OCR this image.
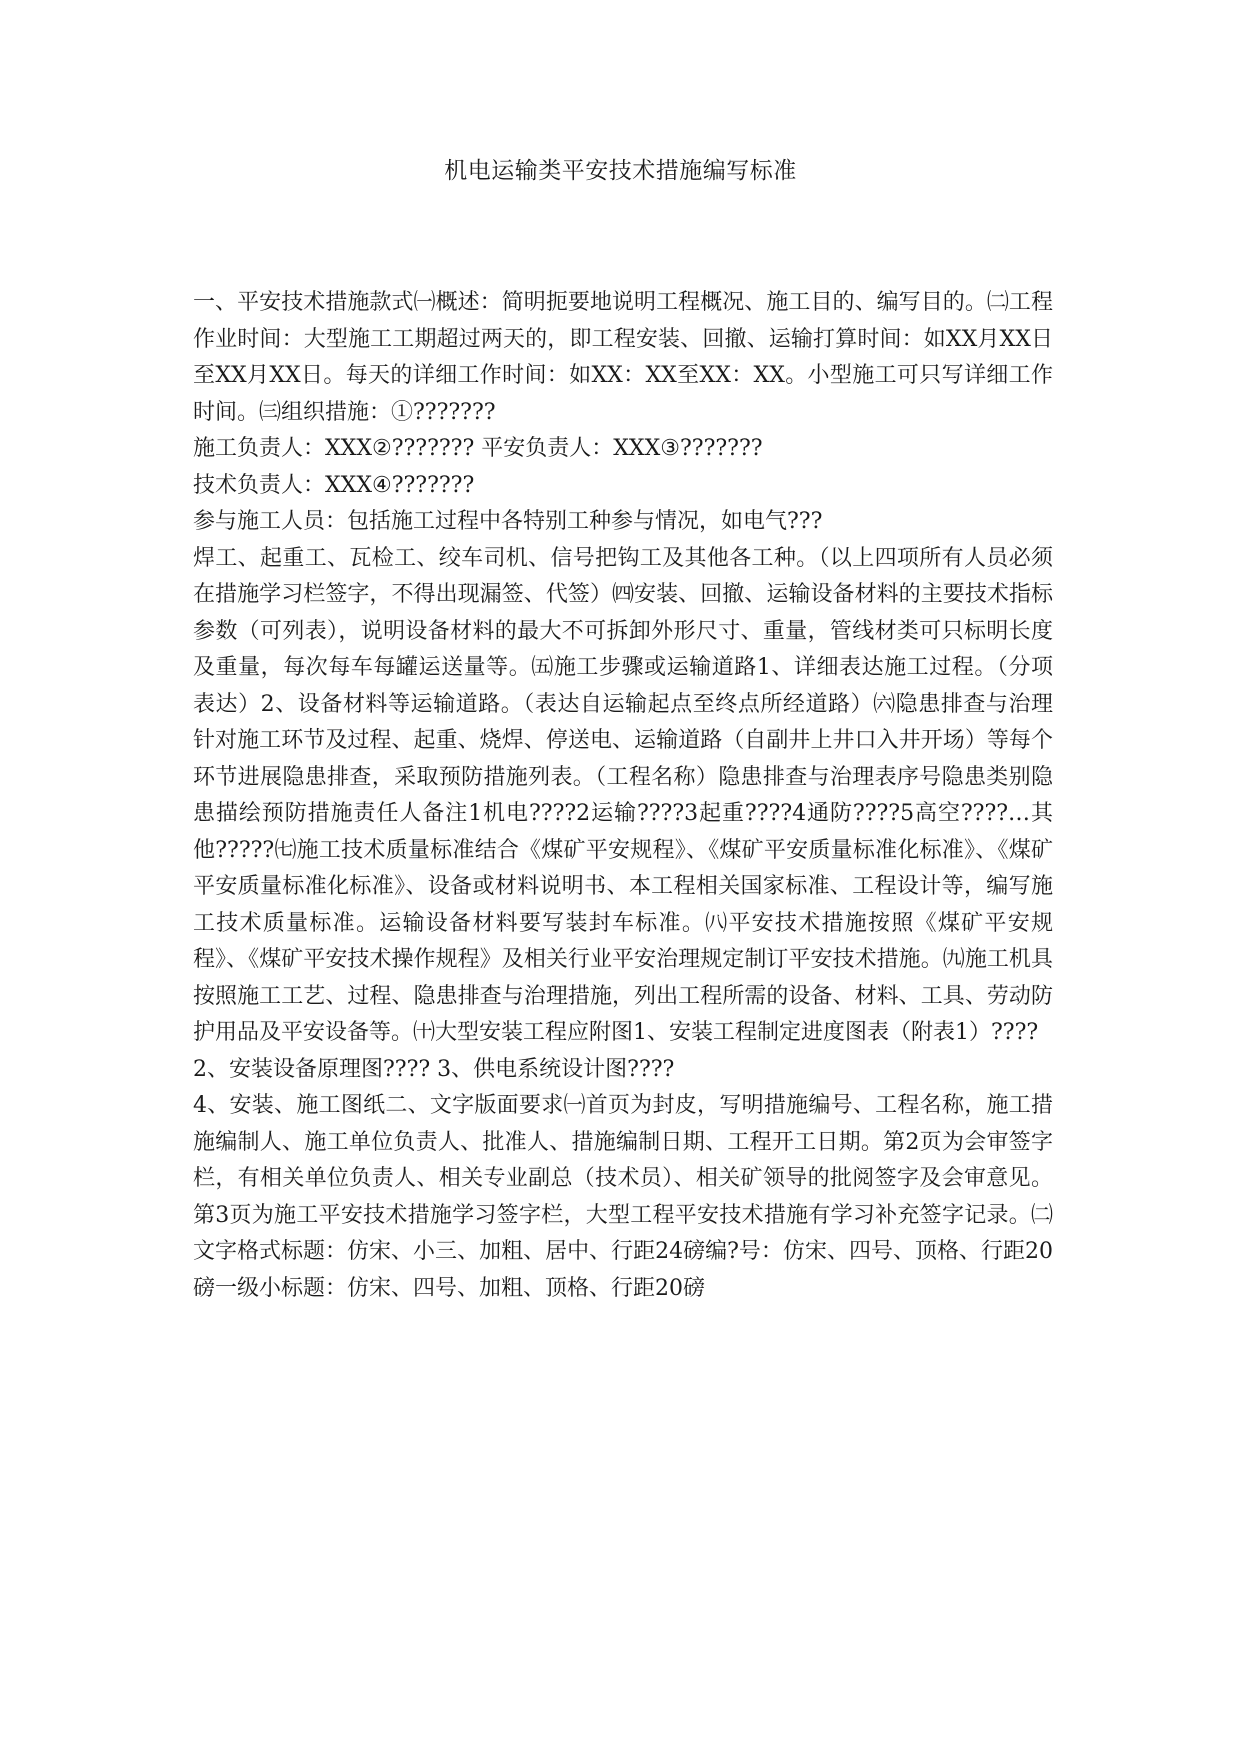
机电运输类平安技术措施编写标准

一、平安技术措施款式㈠概述：简明扼要地说明工程概况、施工目的、编写目的。㈡工程作业时间：大型施工工期超过两天的，即工程安装、回撤、运输打算时间：如XX月XX日至XX月XX日。每天的详细工作时间：如XX：XX至XX：XX。小型施工可只写详细工作时间。㈢组织措施：①???????

施工负责人：XXX②??????? 平安负责人：XXX③???????

技术负责人：XXX④???????

参与施工人员：包括施工过程中各特别工种参与情况，如电气???

焊工、起重工、瓦检工、绞车司机、信号把钩工及其他各工种。（以上四项所有人员必须在措施学习栏签字，不得出现漏签、代签）㈣安装、回撤、运输设备材料的主要技术指标参数（可列表），说明设备材料的最大不可拆卸外形尺寸、重量，管线材类可只标明长度及重量，每次每车每罐运送量等。㈤施工步骤或运输道路1、详细表达施工过程。（分项表达）2、设备材料等运输道路。（表达自运输起点至终点所经道路）㈥隐患排查与治理针对施工环节及过程、起重、烧焊、停送电、运输道路（自副井上井口入井开场）等每个环节进展隐患排查，采取预防措施列表。（工程名称）隐患排查与治理表序号隐患类别隐患描绘预防措施责任人备注1机电????2运输????3起重????4通防????5高空????…其他?????㈦施工技术质量标准结合《煤矿平安规程》、《煤矿平安质量标准化标准》、《煤矿平安质量标准化标准》、设备或材料说明书、本工程相关国家标准、工程设计等，编写施工技术质量标准。运输设备材料要写装封车标准。㈧平安技术措施按照《煤矿平安规程》、《煤矿平安技术操作规程》及相关行业平安治理规定制订平安技术措施。㈨施工机具按照施工工艺、过程、隐患排查与治理措施，列出工程所需的设备、材料、工具、劳动防护用品及平安设备等。㈩大型安装工程应附图1、安装工程制定进度图表（附表1）????

2、安装设备原理图???? 3、供电系统设计图????

4、安装、施工图纸二、文字版面要求㈠首页为封皮，写明措施编号、工程名称，施工措施编制人、施工单位负责人、批准人、措施编制日期、工程开工日期。第2页为会审签字栏，有相关单位负责人、相关专业副总（技术员）、相关矿领导的批阅签字及会审意见。第3页为施工平安技术措施学习签字栏，大型工程平安技术措施有学习补充签字记录。㈡文字格式标题：仿宋、小三、加粗、居中、行距24磅编?号：仿宋、四号、顶格、行距20磅一级小标题：仿宋、四号、加粗、顶格、行距20磅
